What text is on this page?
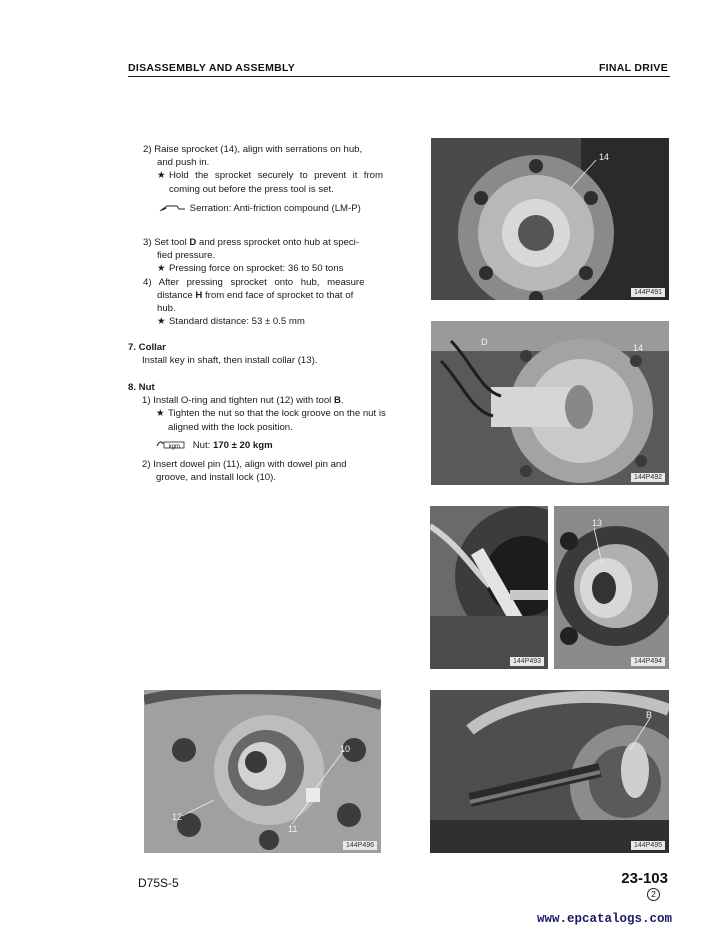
DISASSEMBLY AND ASSEMBLY	FINAL DRIVE
2) Raise sprocket (14), align with serrations on hub,
and push in.
★ Hold the sprocket securely to prevent it from coming out before the press tool is set.
Serration: Anti-friction compound (LM-P)
3) Set tool D and press sprocket onto hub at speci-
fied pressure.
★ Pressing force on sprocket: 36 to 50 tons
4) After pressing sprocket onto hub, measure
distance H from end face of sprocket to that of
hub.
★ Standard distance: 53 ± 0.5 mm
7. Collar
Install key in shaft, then install collar (13).
8. Nut
1) Install O-ring and tighten nut (12) with tool B.
★ Tighten the nut so that the lock groove on the nut is aligned with the lock position.
kgm Nut: 170 ± 20 kgm
2) Insert dowel pin (11), align with dowel pin and
groove, and install lock (10).
14
144P491
D
14
144P492
144P493
13
144P494
10
12
11
144P496
B
144P495
D75S-5	23-103
2
www.epcatalogs.com
